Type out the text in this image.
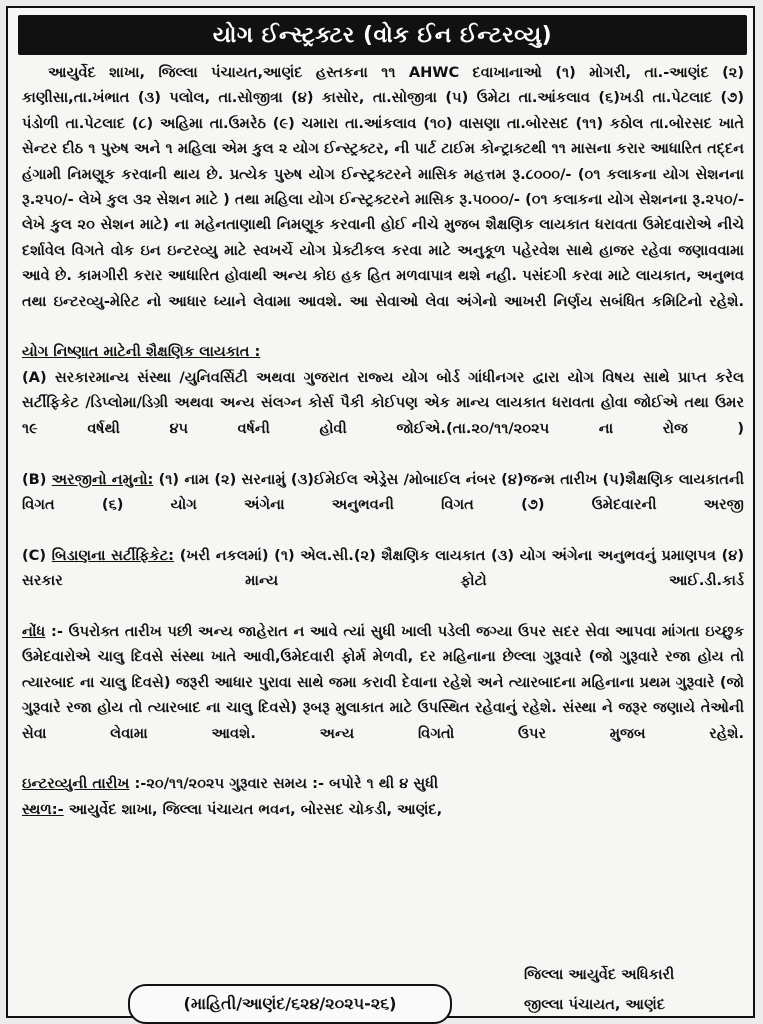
યોગ ઈન્સ્ટ્રક્ટર (વોક ઈન ઈન્ટરવ્યુ)

આયુર્વેદ શાખા, જિલ્લા પંચાયત,આણંદ હસ્તકના ૧૧ AHWC દવાખાનાઓ (૧) મોગરી, તા.-આણંદ (૨) કાણીસા,તા.ખંભાત (૩) પલોલ, તા.સોજીત્રા (૪) કાસોર, તા.સોજીત્રા (૫) ઉમેટા તા.આંકલાવ (૬)ખડી તા.પેટલાદ (૭) પંડોળી તા.પેટલાદ (૮) અહિમા તા.ઉમરેઠ (૯) ચમારા તા.આંકલાવ (૧૦) વાસણા તા.બોરસદ (૧૧) કઠોલ તા.બોરસદ ખાતે સેન્ટર દીઠ ૧ પુરુષ અને ૧ મહિલા એમ કુલ ૨ યોગ ઈન્સ્ટ્રક્ટર, ની પાર્ટ ટાઈમ કોન્ટ્રાક્ટથી ૧૧ માસના કરાર આધારિત તદ્દન હંગામી નિમણૂક કરવાની થાય છે. પ્રત્યેક પુરુષ યોગ ઈન્સ્ટ્રક્ટરને માસિક મહત્તમ રૂ.૮૦૦૦/- (૦૧ કલાકના યોગ સેશનના રૂ.૨૫૦/- લેખે કુલ ૩૨ સેશન માટે ) તથા મહિલા યોગ ઈન્સ્ટ્રક્ટરને માસિક રૂ.૫૦૦૦/- (૦૧ કલાકના યોગ સેશનના રૂ.૨૫૦/- લેખે કુલ ૨૦ સેશન માટે) ના મહેનતાણાથી નિમણૂક કરવાની હોઈ નીચે મુજબ શૈક્ષણિક લાયકાત ધરાવતા ઉમેદવારોએ નીચે દર્શાવેલ વિગતે વોક ઇન ઇન્ટરવ્યુ માટે સ્વખર્ચે યોગ પ્રેક્ટીકલ કરવા માટે અનુકૂળ પહેરવેશ સાથે હાજર રહેવા જણાવવામા આવે છે. કામગીરી કરાર આધારિત હોવાથી અન્ય કોઇ હક હિત મળવાપાત્ર થશે નહી. પસંદગી કરવા માટે લાયકાત, અનુભવ તથા ઇન્ટરવ્યુ-મેરિટ નો આધાર ધ્યાને લેવામા આવશે. આ સેવાઓ લેવા અંગેનો આખરી નિર્ણય સબંધિત કમિટિનો રહેશે.

યોગ નિષ્ણાત માટેની શૈક્ષણિક લાયકાત :

(A) સરકારમાન્ય સંસ્થા /યુનિવર્સિટી અથવા ગુજરાત રાજ્ય યોગ બોર્ડ ગાંધીનગર દ્વારા યોગ વિષય સાથે પ્રાપ્ત કરેલ સર્ટીફિકેટ /ડિપ્લોમા/ડિગ્રી અથવા અન્ય સંલગ્ન કોર્સ પૈકી કોઈપણ એક માન્ય લાયકાત ધરાવતા હોવા જોઈએ તથા ઉમર ૧૯ વર્ષથી ૪૫ વર્ષની હોવી જોઈએ.(તા.૨૦/૧૧/૨૦૨૫ ના રોજ )

(B) અરજીનો નમુનો: (૧) નામ (૨) સરનામું (૩)ઈમેઈલ એડ્રેસ /મોબાઈલ નંબર (૪)જન્મ તારીખ (૫)શૈક્ષણિક લાયકાતની વિગત (૬) યોગ અંગેના અનુભવની વિગત (૭) ઉમેદવારની અરજી

(C) બિડાણના સર્ટીફિકેટ: (ખરી નકલમાં) (૧) એલ.સી.(૨) શૈક્ષણિક લાયકાત (૩) યોગ અંગેના અનુભવનું પ્રમાણપત્ર (૪) સરકાર માન્ય ફોટો આઈ.ડી.કાર્ડ

નોંધ :- ઉપરોક્ત તારીખ પછી અન્ય જાહેરાત ન આવે ત્યાં સુધી ખાલી પડેલી જગ્યા ઉપર સદર સેવા આપવા માંગતા ઇચ્છુક ઉમેદવારોએ ચાલુ દિવસે સંસ્થા ખાતે આવી,ઉમેદવારી ફોર્મ મેળવી, દર મહિનાના છેલ્લા ગુરૂવારે (જો ગુરૂવારે રજા હોય તો ત્યારબાદ ના ચાલુ દિવસે) જરૂરી આધાર પુરાવા સાથે જમા કરાવી દેવાના રહેશે અને ત્યારબાદના મહિનાના પ્રથમ ગુરૂવારે (જો ગુરૂવારે રજા હોય તો ત્યારબાદ ના ચાલુ દિવસે) રૂબરૂ મુલાકાત માટે ઉપસ્થિત રહેવાનું રહેશે. સંસ્થા ને જરૂર જણાયે તેઓની સેવા લેવામા આવશે. અન્ય વિગતો ઉપર મુજબ રહેશે.

ઇન્ટરવ્યુની તારીખ :-૨૦/૧૧/૨૦૨૫ ગુરૂવાર સમય :- બપોરે ૧ થી ૪ સુધી

સ્થળ:- આયુર્વેદ શાખા, જિલ્લા પંચાયત ભવન, બોરસદ ચોકડી, આણંદ,

જિલ્લા આયુર્વેદ અધિકારી
જીલ્લા પંચાયત, આણંદ
(માહિતી/આણંદ/૬૨૪/૨૦૨૫-૨૬)
